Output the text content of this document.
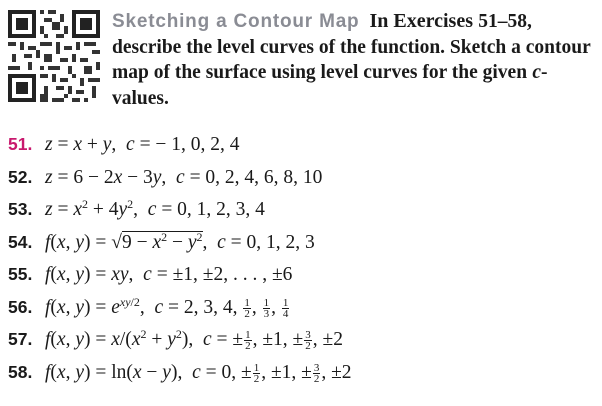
Sketching a Contour Map In Exercises 51–58, describe the level curves of the function. Sketch a contour map of the surface using level curves for the given c-values.
51. z = x + y,  c = − 1, 0, 2, 4
52. z = 6 − 2x − 3y,  c = 0, 2, 4, 6, 8, 10
53. $z = x^2 + 4y^2$,  c = 0, 1, 2, 3, 4
54. f(x, $y) = √9 - x^2 - y^2$,  c = 0, 1, 2, 3
55. f(x, y) = xy,  c = ±1, ±2, . . . , ±6
56. f(x, $y) = e^{xy/2}$,  c = 2, 3, 4, $\frac{1}{2}$ , $\frac{1}{3}$ , $\frac{1}{4}$
57. f(x, $y) = x/(x^2 + y^2)$,  c = ± $\frac{1}{2}$ , ±1, ± $\frac{3}{2}$ , ±2
58. f(x, y) = ln(x − y),  c = 0, ± $\frac{1}{2}$ , ±1, ± $\frac{3}{2}$ , ±2
